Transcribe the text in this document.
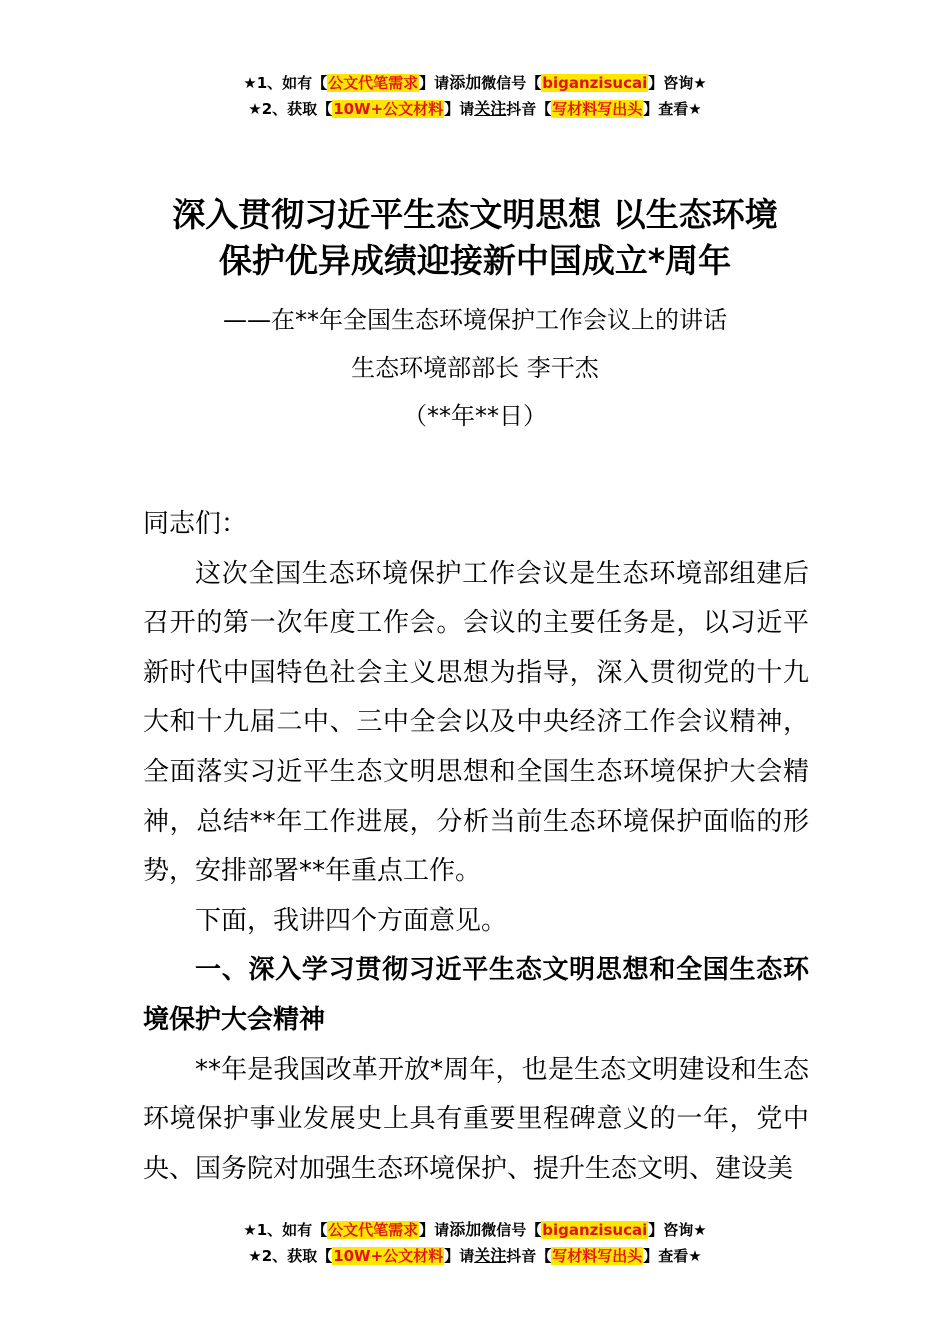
★1、如有【公文代笔需求】请添加微信号【biganzisucai】咨询★
★2、获取【10W+公文材料】请关注抖音【写材料写出头】查看★
深入贯彻习近平生态文明思想 以生态环境
保护优异成绩迎接新中国成立*周年
——在**年全国生态环境保护工作会议上的讲话
生态环境部部长 李干杰
（**年**日）

同志们：

这次全国生态环境保护工作会议是生态环境部组建后召开的第一次年度工作会。会议的主要任务是，以习近平新时代中国特色社会主义思想为指导，深入贯彻党的十九大和十九届二中、三中全会以及中央经济工作会议精神，全面落实习近平生态文明思想和全国生态环境保护大会精神，总结**年工作进展，分析当前生态环境保护面临的形势，安排部署**年重点工作。

下面，我讲四个方面意见。

一、深入学习贯彻习近平生态文明思想和全国生态环境保护大会精神

**年是我国改革开放*周年，也是生态文明建设和生态环境保护事业发展史上具有重要里程碑意义的一年，党中央、国务院对加强生态环境保护、提升生态文明、建设美

★1、如有【公文代笔需求】请添加微信号【biganzisucai】咨询★
★2、获取【10W+公文材料】请关注抖音【写材料写出头】查看★
